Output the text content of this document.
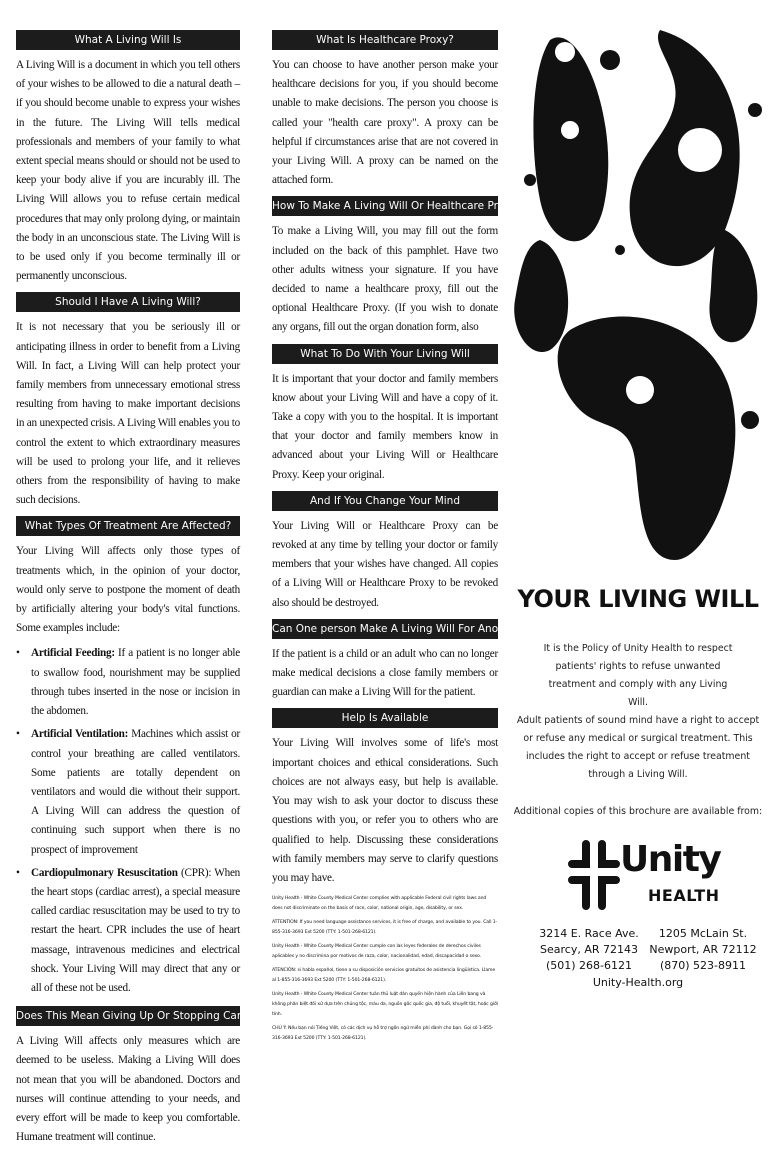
What A Living Will Is

A Living Will is a document in which you tell others of your wishes to be allowed to die a natural death – if you should become unable to express your wishes in the future. The Living Will tells medical professionals and members of your family to what extent special means should or should not be used to keep your body alive if you are incurably ill. The Living Will allows you to refuse certain medical procedures that may only prolong dying, or maintain the body in an unconscious state. The Living Will is to be used only if you become terminally ill or permanently unconscious.

Should I Have A Living Will?

It is not necessary that you be seriously ill or anticipating illness in order to benefit from a Living Will. In fact, a Living Will can help protect your family members from unnecessary emotional stress resulting from having to make important decisions in an unexpected crisis. A Living Will enables you to control the extent to which extraordinary measures will be used to prolong your life, and it relieves others from the responsibility of having to make such decisions.

What Types Of Treatment Are Affected?

Your Living Will affects only those types of treatments which, in the opinion of your doctor, would only serve to postpone the moment of death by artificially altering your body's vital functions. Some examples include:

• Artificial Feeding: If a patient is no longer able to swallow food, nourishment may be supplied through tubes inserted in the nose or incision in the abdomen.
• Artificial Ventilation: Machines which assist or control your breathing are called ventilators. Some patients are totally dependent on ventilators and would die without their support. A Living Will can address the question of continuing such support when there is no prospect of improvement
• Cardiopulmonary Resuscitation (CPR): When the heart stops (cardiac arrest), a special measure called cardiac resuscitation may be used to try to restart the heart. CPR includes the use of heart massage, intravenous medicines and electrical shock. Your Living Will may direct that any or all of these not be used.
Does This Mean Giving Up Or Stopping Care?

A Living Will affects only measures which are deemed to be useless. Making a Living Will does not mean that you will be abandoned. Doctors and nurses will continue attending to your needs, and every effort will be made to keep you comfortable. Humane treatment will continue.

What Is Healthcare Proxy?

You can choose to have another person make your healthcare decisions for you, if you should become unable to make decisions. The person you choose is called your "health care proxy". A proxy can be helpful if circumstances arise that are not covered in your Living Will. A proxy can be named on the attached form.

How To Make A Living Will Or Healthcare Proxy

To make a Living Will, you may fill out the form included on the back of this pamphlet. Have two other adults witness your signature. If you have decided to name a healthcare proxy, fill out the optional Healthcare Proxy. (If you wish to donate any organs, fill out the organ donation form, also

What To Do With Your Living Will

It is important that your doctor and family members know about your Living Will and have a copy of it. Take a copy with you to the hospital. It is important that your doctor and family members know in advanced about your Living Will or Healthcare Proxy. Keep your original.

And If You Change Your Mind

Your Living Will or Healthcare Proxy can be revoked at any time by telling your doctor or family members that your wishes have changed. All copies of a Living Will or Healthcare Proxy to be revoked also should be destroyed.

Can One person Make A Living Will For Another?

If the patient is a child or an adult who can no longer make medical decisions a close family members or guardian can make a Living Will for the patient.

Help Is Available

Your Living Will involves some of life's most important choices and ethical considerations. Such choices are not always easy, but help is available. You may wish to ask your doctor to discuss these questions with you, or refer you to others who are qualified to help. Discussing these considerations with family members may serve to clarify questions you may have.

Unity Health - White County Medical Center complies with applicable Federal civil rights laws and does not discriminate on the basis of race, color, national origin, age, disability, or sex.

ATTENTION: If you need language assistance services, it is free of charge, and available to you. Call 1-855-316-3693 Ext 5200 (TTY: 1-501-268-6121).

Unity Health - White County Medical Center cumple con las leyes federales de derechos civiles aplicables y no discrimina por motivos de raza, color, nacionalidad, edad, discapacidad o sexo.

ATENCIÓN: si habla español, tiene a su disposición servicios gratuitos de asistencia lingüística. Llame al 1-855-316-3693 Ext 5200 (TTY: 1-501-268-6121).

Unity Health - White County Medical Center tuân thủ luật dân quyền hiện hành của Liên bang và không phân biệt đối xử dựa trên chủng tộc, màu da, nguồn gốc quốc gia, độ tuổi, khuyết tật, hoặc giới tính.

CHÚ Ý: Nếu bạn nói Tiếng Việt, có các dịch vụ hỗ trợ ngôn ngữ miễn phí dành cho bạn. Gọi số 1-855-316-3693 Ext 5200 (TTY: 1-501-268-6121).

YOUR LIVING WILL

It is the Policy of Unity Health to respect patients' rights to refuse unwanted treatment and comply with any Living Will.

Adult patients of sound mind have a right to accept or refuse any medical or surgical treatment. This includes the right to accept or refuse treatment through a Living Will.

Additional copies of this brochure are available from:

Unity
HEALTH
3214 E. Race Ave.
Searcy, AR 72143
(501) 268-6121
1205 McLain St.
Newport, AR 72112
(870) 523-8911
Unity-Health.org
